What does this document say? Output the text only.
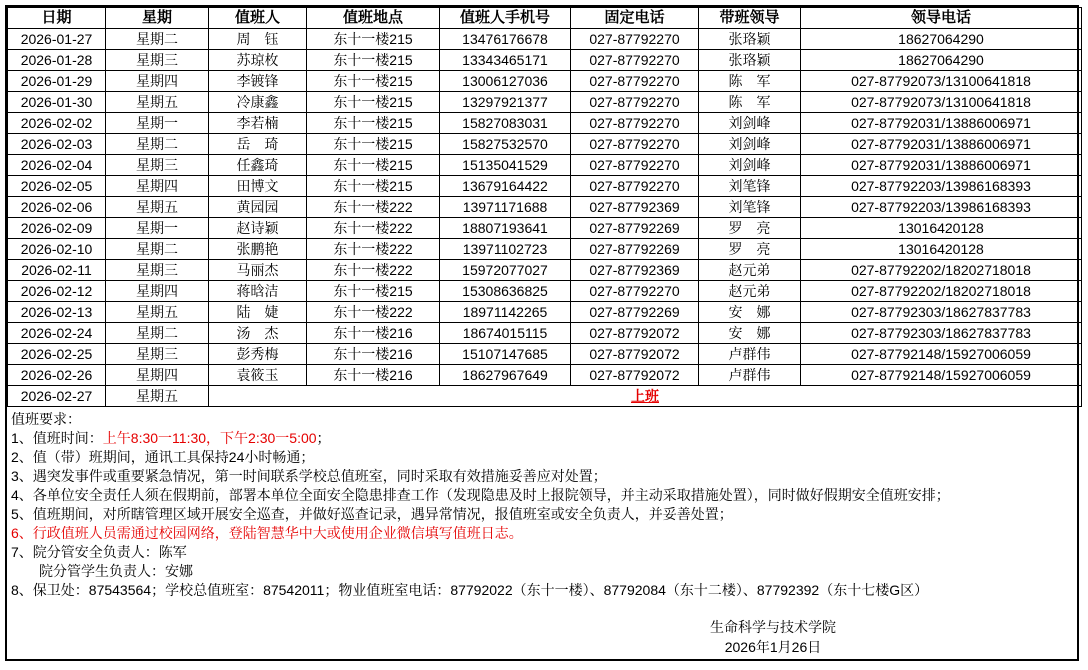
日期	星期	值班人	值班地点	值班人手机号	固定电话	带班领导	领导电话
2026-01-27	星期二	周　钰	东十一楼215	13476176678	027-87792270	张珞颖	18627064290
2026-01-28	星期三	苏琼枚	东十一楼215	13343465171	027-87792270	张珞颖	18627064290
2026-01-29	星期四	李镀锋	东十一楼215	13006127036	027-87792270	陈　军	027-87792073/13100641818
2026-01-30	星期五	冷康鑫	东十一楼215	13297921377	027-87792270	陈　军	027-87792073/13100641818
2026-02-02	星期一	李若楠	东十一楼215	15827083031	027-87792270	刘剑峰	027-87792031/13886006971
2026-02-03	星期二	岳　琦	东十一楼215	15827532570	027-87792270	刘剑峰	027-87792031/13886006971
2026-02-04	星期三	任鑫琦	东十一楼215	15135041529	027-87792270	刘剑峰	027-87792031/13886006971
2026-02-05	星期四	田博文	东十一楼215	13679164422	027-87792270	刘笔锋	027-87792203/13986168393
2026-02-06	星期五	黄园园	东十一楼222	13971171688	027-87792369	刘笔锋	027-87792203/13986168393
2026-02-09	星期一	赵诗颖	东十一楼222	18807193641	027-87792269	罗　亮	13016420128
2026-02-10	星期二	张鹏艳	东十一楼222	13971102723	027-87792269	罗　亮	13016420128
2026-02-11	星期三	马丽杰	东十一楼222	15972077027	027-87792369	赵元弟	027-87792202/18202718018
2026-02-12	星期四	蒋晗洁	东十一楼215	15308636825	027-87792270	赵元弟	027-87792202/18202718018
2026-02-13	星期五	陆　婕	东十一楼222	18971142265	027-87792269	安　娜	027-87792303/18627837783
2026-02-24	星期二	汤　杰	东十一楼216	18674015115	027-87792072	安　娜	027-87792303/18627837783
2026-02-25	星期三	彭秀梅	东十一楼216	15107147685	027-87792072	卢群伟	027-87792148/15927006059
2026-02-26	星期四	袁筱玉	东十一楼216	18627967649	027-87792072	卢群伟	027-87792148/15927006059
2026-02-27	星期五	上班					
值班要求：
1、值班时间：上午8:30一11:30，下午2:30一5:00；
2、值（带）班期间，通讯工具保持24小时畅通；
3、遇突发事件或重要紧急情况，第一时间联系学校总值班室，同时采取有效措施妥善应对处置；
4、各单位安全责任人须在假期前，部署本单位全面安全隐患排查工作（发现隐患及时上报院领导，并主动采取措施处置），同时做好假期安全值班安排；
5、值班期间，对所瞎管理区域开展安全巡查，并做好巡查记录，遇异常情况，报值班室或安全负责人，并妥善处置；
6、行政值班人员需通过校园网络，登陆智慧华中大或使用企业微信填写值班日志。
7、院分管安全负责人：陈军
院分管学生负责人：安娜
8、保卫处：87543564；学校总值班室：87542011；物业值班室电话：87792022（东十一楼）、87792084（东十二楼）、87792392（东十七楼G区）
生命科学与技术学院
2026年1月26日
